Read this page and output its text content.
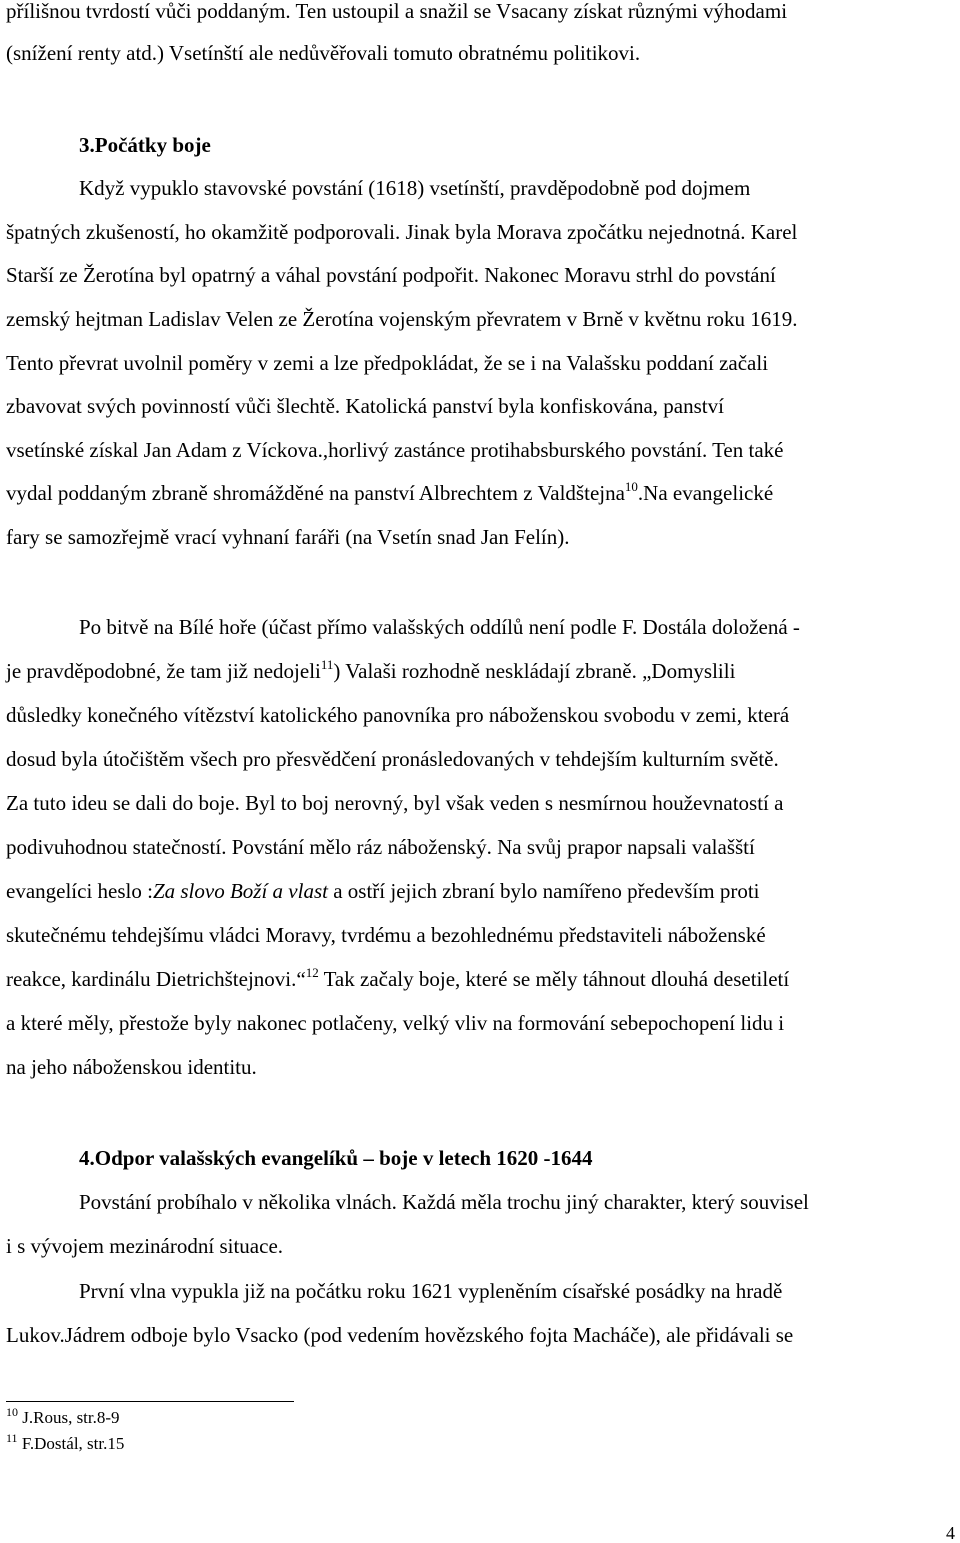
přílišnou tvrdostí vůči poddaným. Ten ustoupil a snažil se Vsacany získat různými výhodami
(snížení renty atd.) Vsetínští ale nedůvěřovali tomuto obratnému politikovi.
3.Počátky boje
Když vypuklo stavovské povstání (1618) vsetínští, pravděpodobně pod dojmem
špatných zkušeností, ho okamžitě podporovali. Jinak byla Morava zpočátku nejednotná. Karel
Starší ze Žerotína byl opatrný a váhal povstání podpořit. Nakonec Moravu strhl do povstání
zemský hejtman Ladislav Velen ze Žerotína vojenským převratem v Brně v květnu roku 1619.
Tento převrat uvolnil poměry v zemi a lze předpokládat, že se i na Valašsku poddaní začali
zbavovat svých povinností vůči šlechtě. Katolická panství byla konfiskována, panství
vsetínské získal Jan Adam z Víckova.,horlivý zastánce protihabsburského povstání. Ten také
vydal poddaným zbraně shromážděné na panství Albrechtem z Valdštejna$^{10}$.Na evangelické
fary se samozřejmě vrací vyhnaní faráři (na Vsetín snad Jan Felín).
Po bitvě na Bílé hoře (účast přímo valašských oddílů není podle F. Dostála doložená -
je pravděpodobné, že tam již nedojeli$^{11}$) Valaši rozhodně neskládají zbraně. „Domyslili
důsledky konečného vítězství katolického panovníka pro náboženskou svobodu v zemi, která
dosud byla útočištěm všech pro přesvědčení pronásledovaných v tehdejším kulturním světě.
Za tuto ideu se dali do boje. Byl to boj nerovný, byl však veden s nesmírnou houževnatostí a
podivuhodnou statečností. Povstání mělo ráz náboženský. Na svůj prapor napsali valašští
evangelíci heslo :Za slovo Boží a vlast a ostří jejich zbraní bylo namířeno především proti
skutečnému tehdejšímu vládci Moravy, tvrdému a bezohlednému představiteli náboženské
reakce, kardinálu Dietrichštejnovi.“$^{12}$ Tak začaly boje, které se měly táhnout dlouhá desetiletí
a které měly, přestože byly nakonec potlačeny, velký vliv na formování sebepochopení lidu i
na jeho náboženskou identitu.
4.Odpor valašských evangelíků – boje v letech 1620 -1644
Povstání probíhalo v několika vlnách. Každá měla trochu jiný charakter, který souvisel
i s vývojem mezinárodní situace.
První vlna vypukla již na počátku roku 1621 vypleněním císařské posádky na hradě
Lukov.Jádrem odboje bylo Vsacko (pod vedením hovězského fojta Macháče), ale přidávali se
$^{10}$ J.Rous, str.8-9
$^{11}$ F.Dostál, str.15
4
